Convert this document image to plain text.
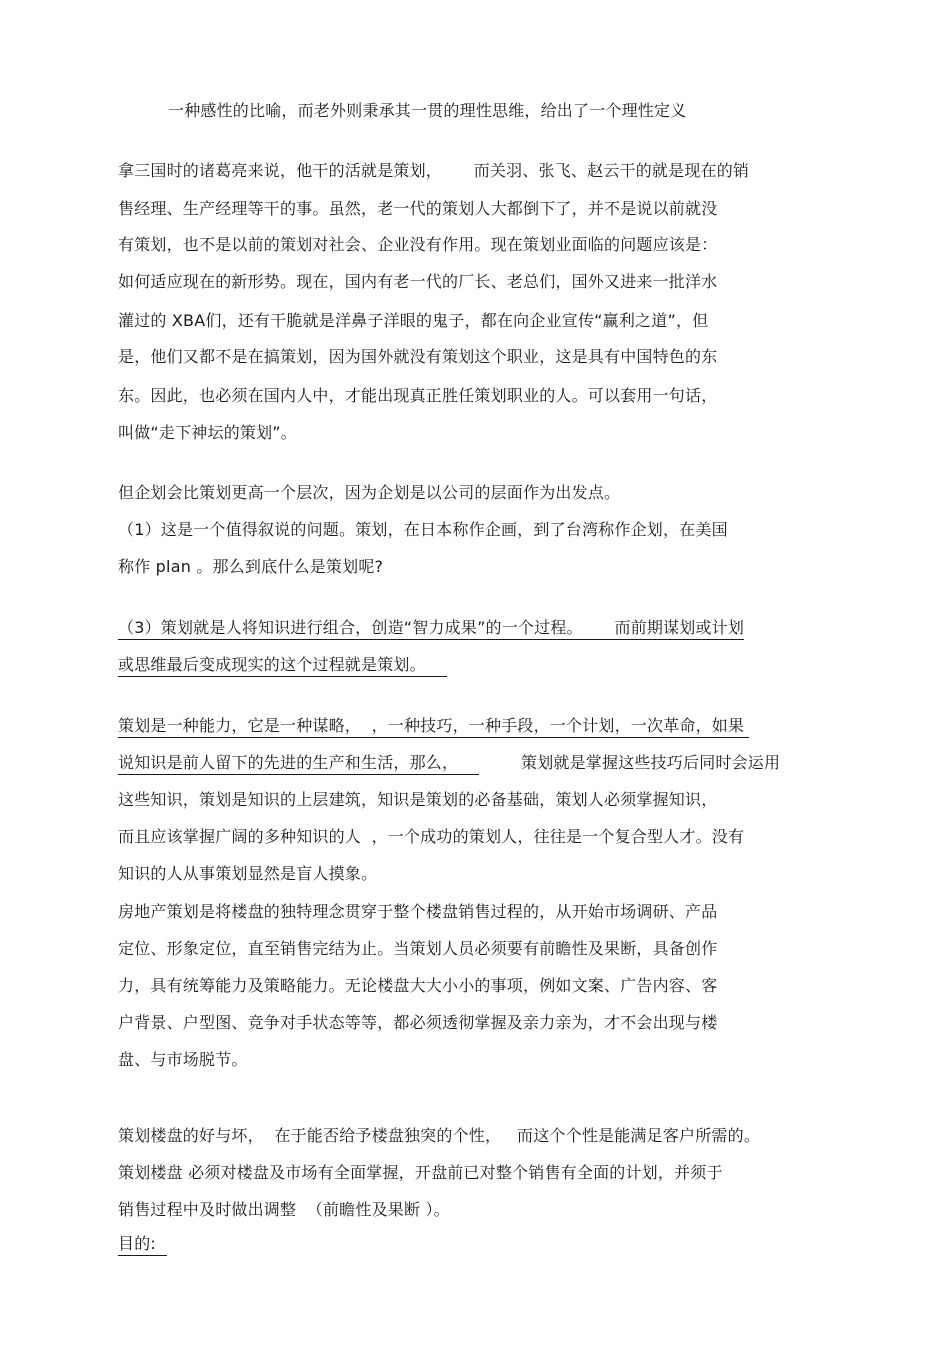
一种感性的比喻，而老外则秉承其一贯的理性思维，给出了一个理性定义
拿三国时的诸葛亮来说，他干的活就是策划，      而关羽、张飞、赵云干的就是现在的销
售经理、生产经理等干的事。虽然，老一代的策划人大都倒下了，并不是说以前就没
有策划，也不是以前的策划对社会、企业没有作用。现在策划业面临的问题应该是：
如何适应现在的新形势。现在，国内有老一代的厂长、老总们，国外又进来一批洋水
灌过的 XBA们，还有干脆就是洋鼻子洋眼的鬼子，都在向企业宣传“赢利之道”，但
是，他们又都不是在搞策划，因为国外就没有策划这个职业，这是具有中国特色的东
东。因此，也必须在国内人中，才能出现真正胜任策划职业的人。可以套用一句话，
叫做“走下神坛的策划”。
但企划会比策划更高一个层次，因为企划是以公司的层面作为出发点。
（1）这是一个值得叙说的问题。策划，在日本称作企画，到了台湾称作企划，在美国
称作 plan 。那么到底什么是策划呢?
（3）策划就是人将知识进行组合，创造“智力成果”的一个过程。      而前期谋划或计划
或思维最后变成现实的这个过程就是策划。
策划是一种能力，它是一种谋略，  ，一种技巧，一种手段，一个计划，一次革命，如果
说知识是前人留下的先进的生产和生活，那么，	策划就是掌握这些技巧后同时会运用
这些知识，策划是知识的上层建筑，知识是策划的必备基础，策划人必须掌握知识，
而且应该掌握广阔的多种知识的人  ，一个成功的策划人，往往是一个复合型人才。没有
知识的人从事策划显然是盲人摸象。
房地产策划是将楼盘的独特理念贯穿于整个楼盘销售过程的，从开始市场调研、产品
定位、形象定位，直至销售完结为止。当策划人员必须要有前瞻性及果断，具备创作
力，具有统筹能力及策略能力。无论楼盘大大小小的事项，例如文案、广告内容、客
户背景、户型图、竞争对手状态等等，都必须透彻掌握及亲力亲为，才不会出现与楼
盘、与市场脱节。
策划楼盘的好与坏，  在于能否给予楼盘独突的个性，   而这个个性是能满足客户所需的。
策划楼盘 必须对楼盘及市场有全面掌握，开盘前已对整个销售有全面的计划，并须于
销售过程中及时做出调整  （前瞻性及果断 ）。
目的:
